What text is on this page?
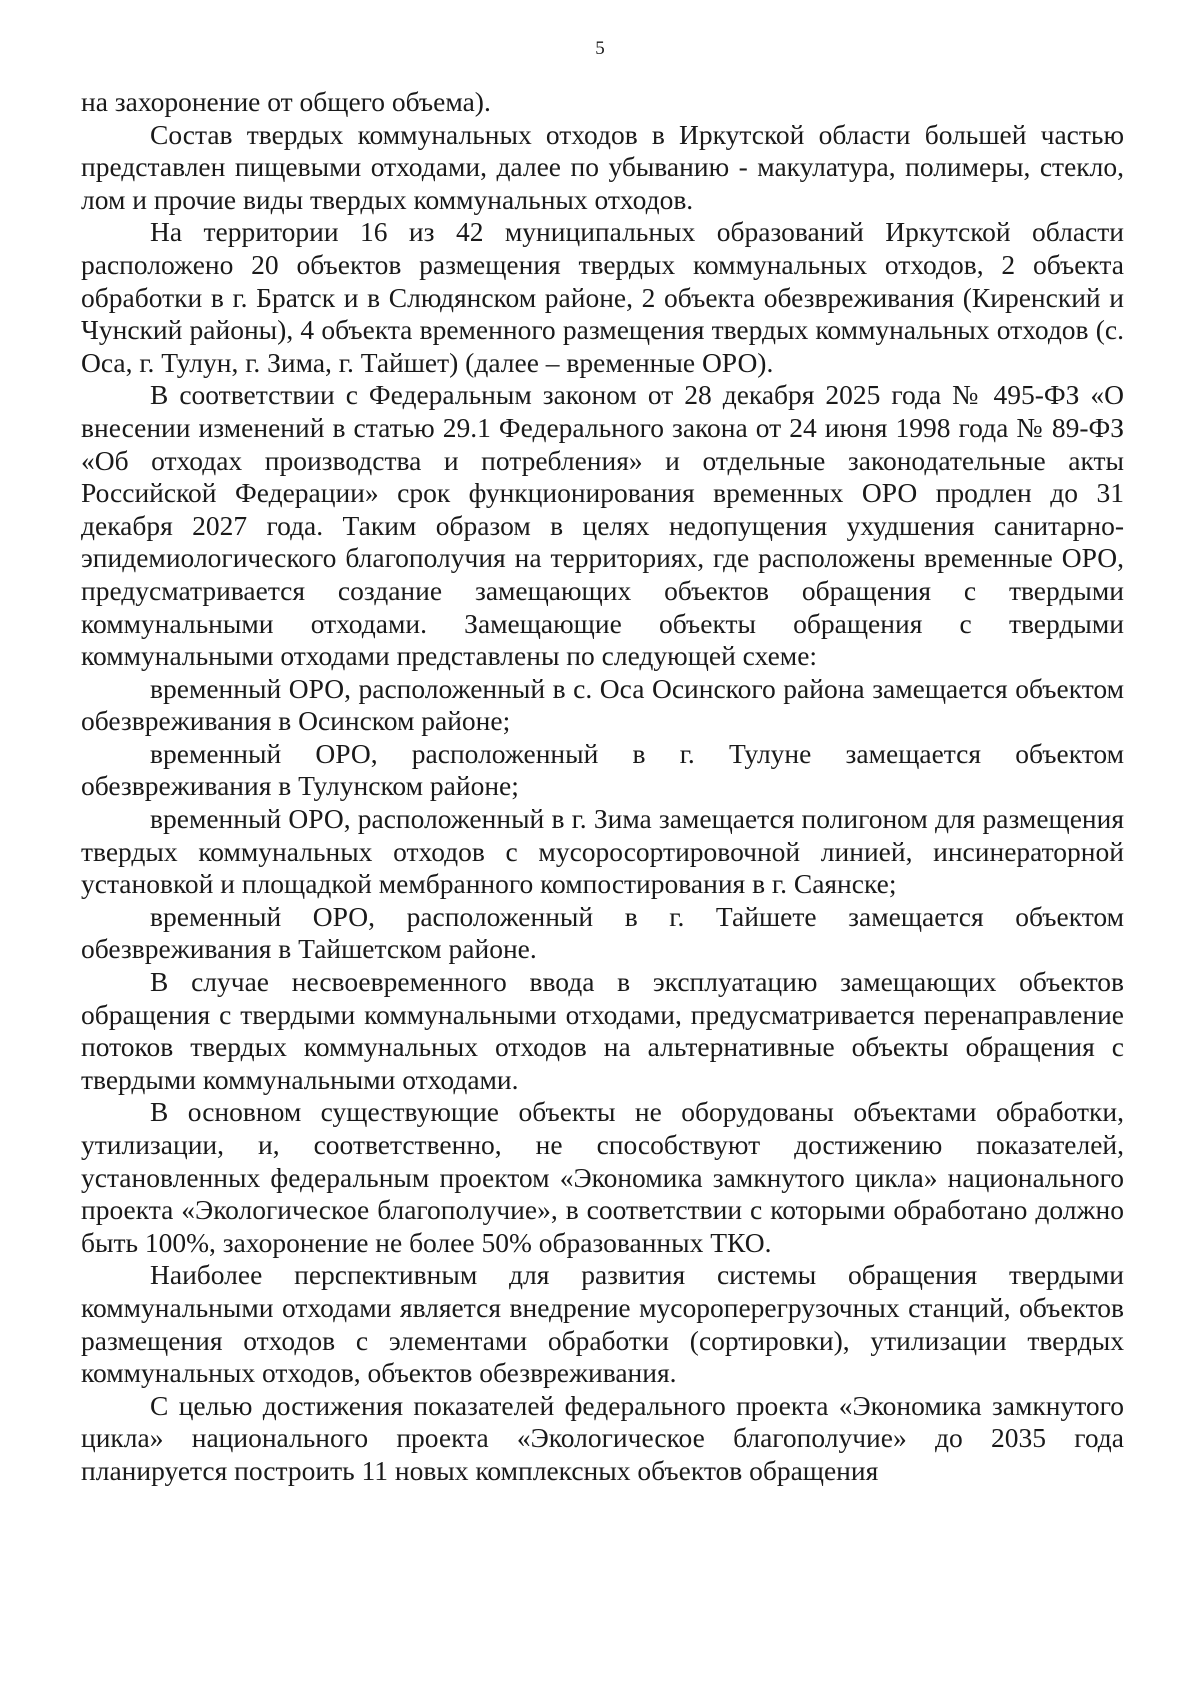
5

на захоронение от общего объема).

Состав твердых коммунальных отходов в Иркутской области большей частью представлен пищевыми отходами, далее по убыванию - макулатура, полимеры, стекло, лом и прочие виды твердых коммунальных отходов.

На территории 16 из 42 муниципальных образований Иркутской области расположено 20 объектов размещения твердых коммунальных отходов, 2 объекта обработки в г. Братск и в Слюдянском районе, 2 объекта обезвреживания (Киренский и Чунский районы), 4 объекта временного размещения твердых коммунальных отходов (с. Оса, г. Тулун, г. Зима, г. Тайшет) (далее – временные ОРО).

В соответствии с Федеральным законом от 28 декабря 2025 года № 495-ФЗ «О внесении изменений в статью 29.1 Федерального закона от 24 июня 1998 года № 89-ФЗ «Об отходах производства и потребления» и отдельные законодательные акты Российской Федерации» срок функционирования временных ОРО продлен до 31 декабря 2027 года. Таким образом в целях недопущения ухудшения санитарно-эпидемиологического благополучия на территориях, где расположены временные ОРО, предусматривается создание замещающих объектов обращения с твердыми коммунальными отходами. Замещающие объекты обращения с твердыми коммунальными отходами представлены по следующей схеме:

временный ОРО, расположенный в с. Оса Осинского района замещается объектом обезвреживания в Осинском районе;

временный ОРО, расположенный в г. Тулуне замещается объектом обезвреживания в Тулунском районе;

временный ОРО, расположенный в г. Зима замещается полигоном для размещения твердых коммунальных отходов с мусоросортировочной линией, инсинераторной установкой и площадкой мембранного компостирования в г. Саянске;

временный ОРО, расположенный в г. Тайшете замещается объектом обезвреживания в Тайшетском районе.

В случае несвоевременного ввода в эксплуатацию замещающих объектов обращения с твердыми коммунальными отходами, предусматривается перенаправление потоков твердых коммунальных отходов на альтернативные объекты обращения с твердыми коммунальными отходами.

В основном существующие объекты не оборудованы объектами обработки, утилизации, и, соответственно, не способствуют достижению показателей, установленных федеральным проектом «Экономика замкнутого цикла» национального проекта «Экологическое благополучие», в соответствии с которыми обработано должно быть 100%, захоронение не более 50% образованных ТКО.

Наиболее перспективным для развития системы обращения твердыми коммунальными отходами является внедрение мусороперегрузочных станций, объектов размещения отходов с элементами обработки (сортировки), утилизации твердых коммунальных отходов, объектов обезвреживания.

С целью достижения показателей федерального проекта «Экономика замкнутого цикла» национального проекта «Экологическое благополучие» до 2035 года планируется построить 11 новых комплексных объектов обращения
